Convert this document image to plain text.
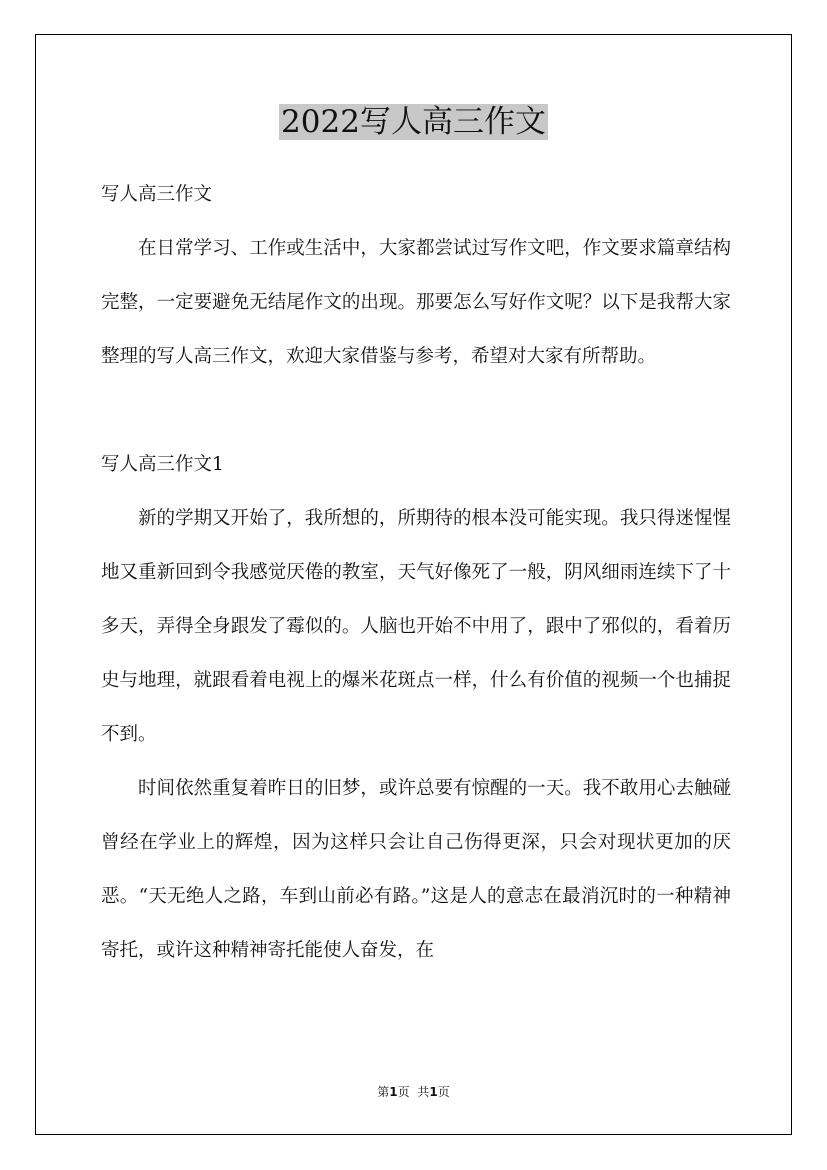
2022写人高三作文

写人高三作文

在日常学习、工作或生活中，大家都尝试过写作文吧，作文要求篇章结构完整，一定要避免无结尾作文的出现。那要怎么写好作文呢？以下是我帮大家整理的写人高三作文，欢迎大家借鉴与参考，希望对大家有所帮助。

写人高三作文1

新的学期又开始了，我所想的，所期待的根本没可能实现。我只得迷惺惺地又重新回到令我感觉厌倦的教室，天气好像死了一般，阴风细雨连续下了十多天，弄得全身跟发了霉似的。人脑也开始不中用了，跟中了邪似的，看着历史与地理，就跟看着电视上的爆米花斑点一样，什么有价值的视频一个也捕捉不到。

时间依然重复着昨日的旧梦，或许总要有惊醒的一天。我不敢用心去触碰曾经在学业上的辉煌，因为这样只会让自己伤得更深，只会对现状更加的厌恶。“天无绝人之路，车到山前必有路。”这是人的意志在最消沉时的一种精神寄托，或许这种精神寄托能使人奋发，在

第1页 共1页
